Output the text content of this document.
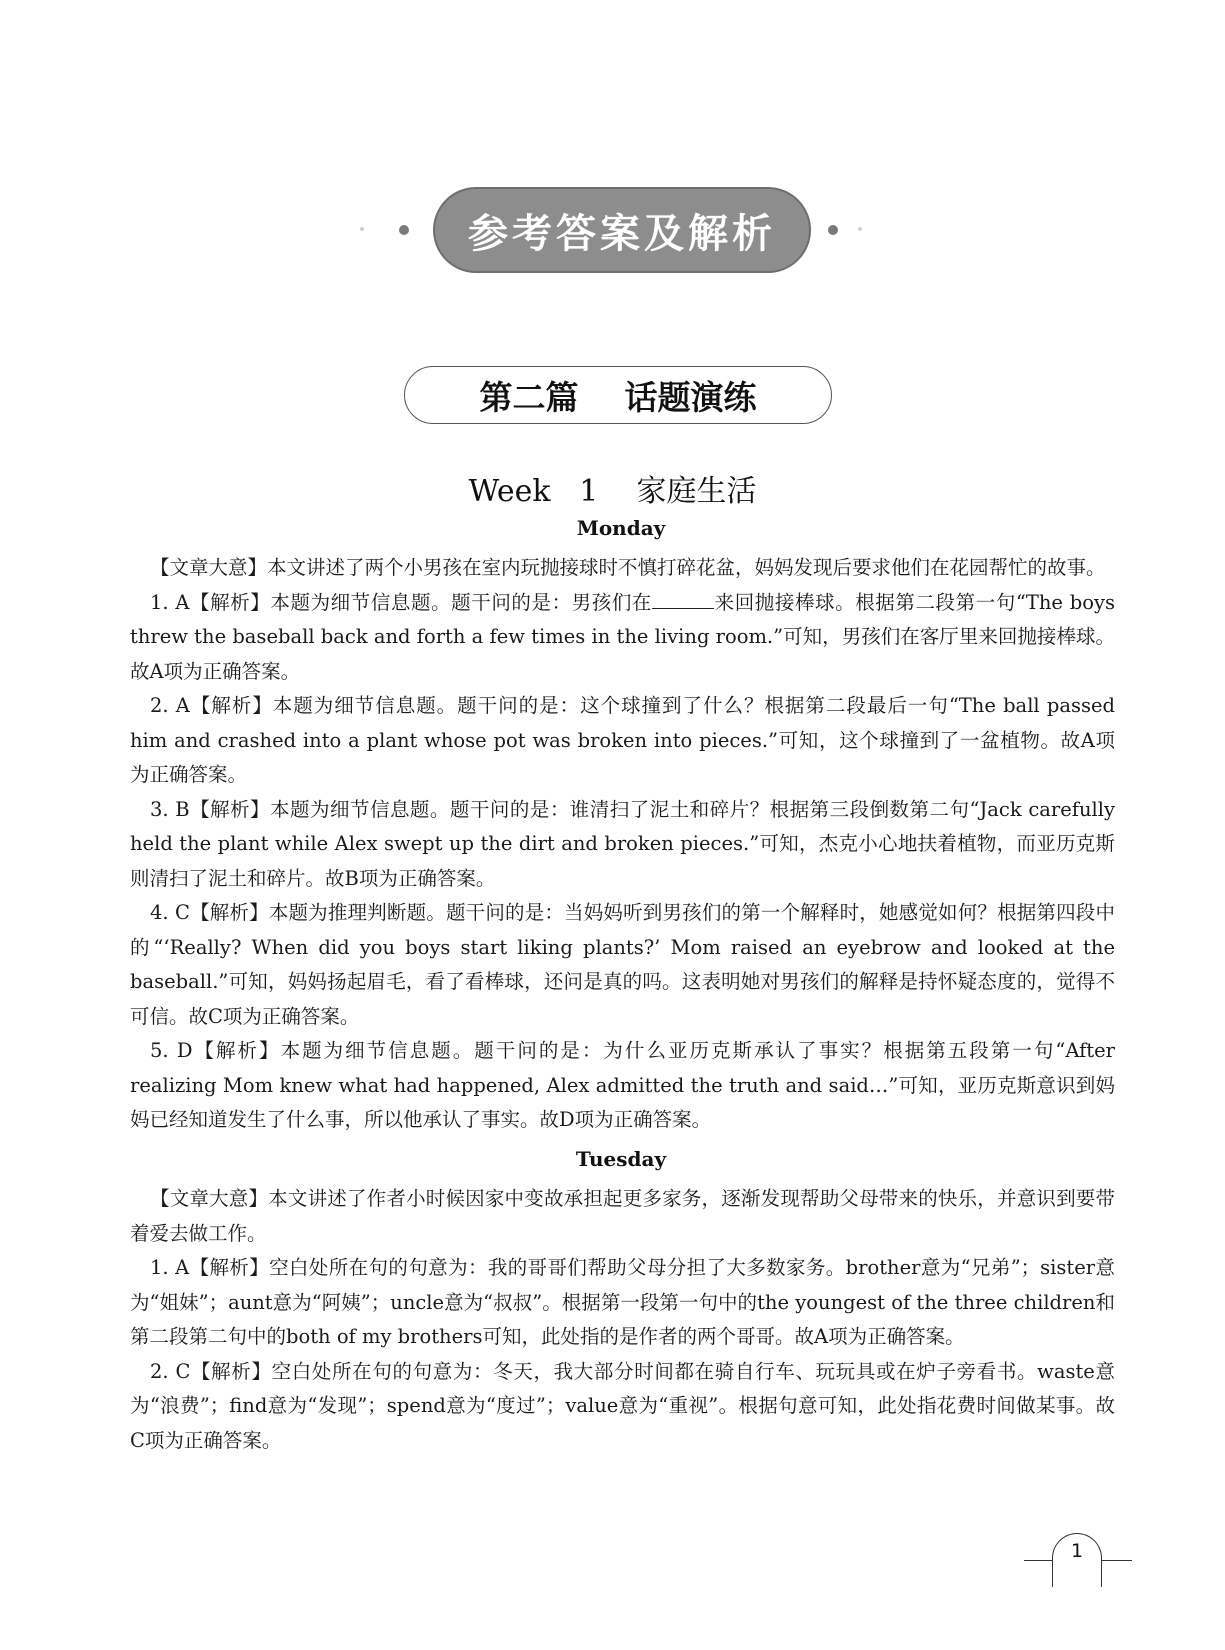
参考答案及解析
第二篇    话题演练
Week   1    家庭生活
Monday

【文章大意】本文讲述了两个小男孩在室内玩抛接球时不慎打碎花盆，妈妈发现后要求他们在花园帮忙的故事。

1. A【解析】本题为细节信息题。题干问的是：男孩们在	来回抛接棒球。根据第二段第一句“The boys threw the baseball back and forth a few times in the living room.”可知，男孩们在客厅里来回抛接棒球。故A项为正确答案。

2. A【解析】本题为细节信息题。题干问的是：这个球撞到了什么？根据第二段最后一句“The ball passed him and crashed into a plant whose pot was broken into pieces.”可知，这个球撞到了一盆植物。故A项为正确答案。

3. B【解析】本题为细节信息题。题干问的是：谁清扫了泥土和碎片？根据第三段倒数第二句“Jack carefully held the plant while Alex swept up the dirt and broken pieces.”可知，杰克小心地扶着植物，而亚历克斯则清扫了泥土和碎片。故B项为正确答案。

4. C【解析】本题为推理判断题。题干问的是：当妈妈听到男孩们的第一个解释时，她感觉如何？根据第四段中的“‘Really? When did you boys start liking plants?’ Mom raised an eyebrow and looked at the baseball.”可知，妈妈扬起眉毛，看了看棒球，还问是真的吗。这表明她对男孩们的解释是持怀疑态度的，觉得不可信。故C项为正确答案。

5. D【解析】本题为细节信息题。题干问的是：为什么亚历克斯承认了事实？根据第五段第一句“After realizing Mom knew what had happened, Alex admitted the truth and said…”可知，亚历克斯意识到妈妈已经知道发生了什么事，所以他承认了事实。故D项为正确答案。

Tuesday

【文章大意】本文讲述了作者小时候因家中变故承担起更多家务，逐渐发现帮助父母带来的快乐，并意识到要带着爱去做工作。

1. A【解析】空白处所在句的句意为：我的哥哥们帮助父母分担了大多数家务。brother意为“兄弟”；sister意为“姐妹”；aunt意为“阿姨”；uncle意为“叔叔”。根据第一段第一句中的the youngest of the three children和第二段第二句中的both of my brothers可知，此处指的是作者的两个哥哥。故A项为正确答案。

2. C【解析】空白处所在句的句意为：冬天，我大部分时间都在骑自行车、玩玩具或在炉子旁看书。waste意为“浪费”；find意为“发现”；spend意为“度过”；value意为“重视”。根据句意可知，此处指花费时间做某事。故C项为正确答案。

1
